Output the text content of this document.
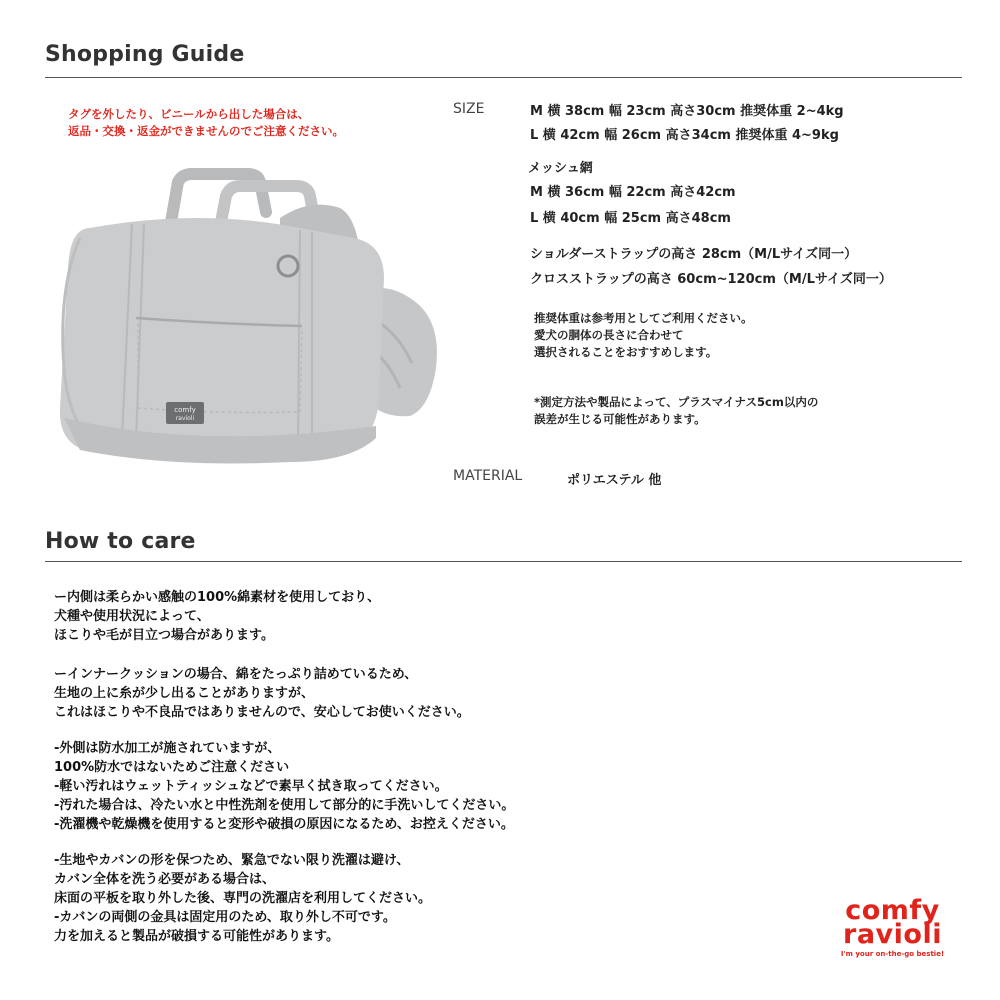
Shopping Guide
タグを外したり、ビニールから出した場合は、
返品・交換・返金ができませんのでご注意ください。
comfy
ravioli
SIZE	M 横 38cm 幅 23cm 高さ30cm 推奨体重 2~4kg
L 横 42cm 幅 26cm 高さ34cm 推奨体重 4~9kg
メッシュ網
M 横 36cm 幅 22cm 高さ42cm
L 横 40cm 幅 25cm 高さ48cm
ショルダーストラップの高さ 28cm（M/Lサイズ同一）
クロスストラップの高さ 60cm~120cm（M/Lサイズ同一）
推奨体重は参考用としてご利用ください。
愛犬の胴体の長さに合わせて
選択されることをおすすめします。
*測定方法や製品によって、プラスマイナス5cm以内の
誤差が生じる可能性があります。
MATERIAL	ポリエステル 他
How to care
ー内側は柔らかい感触の100%綿素材を使用しており、
犬種や使用状況によって、
ほこりや毛が目立つ場合があります。
ーインナークッションの場合、綿をたっぷり詰めているため、
生地の上に糸が少し出ることがありますが、
これはほこりや不良品ではありませんので、安心してお使いください。
-外側は防水加工が施されていますが、
100%防水ではないためご注意ください
-軽い汚れはウェットティッシュなどで素早く拭き取ってください。
-汚れた場合は、冷たい水と中性洗剤を使用して部分的に手洗いしてください。
-洗濯機や乾燥機を使用すると変形や破損の原因になるため、お控えください。
-生地やカバンの形を保つため、緊急でない限り洗濯は避け、
カバン全体を洗う必要がある場合は、
床面の平板を取り外した後、専門の洗濯店を利用してください。
-カバンの両側の金具は固定用のため、取り外し不可です。
力を加えると製品が破損する可能性があります。
comfy
ravioli
I'm your on-the-go bestie!
